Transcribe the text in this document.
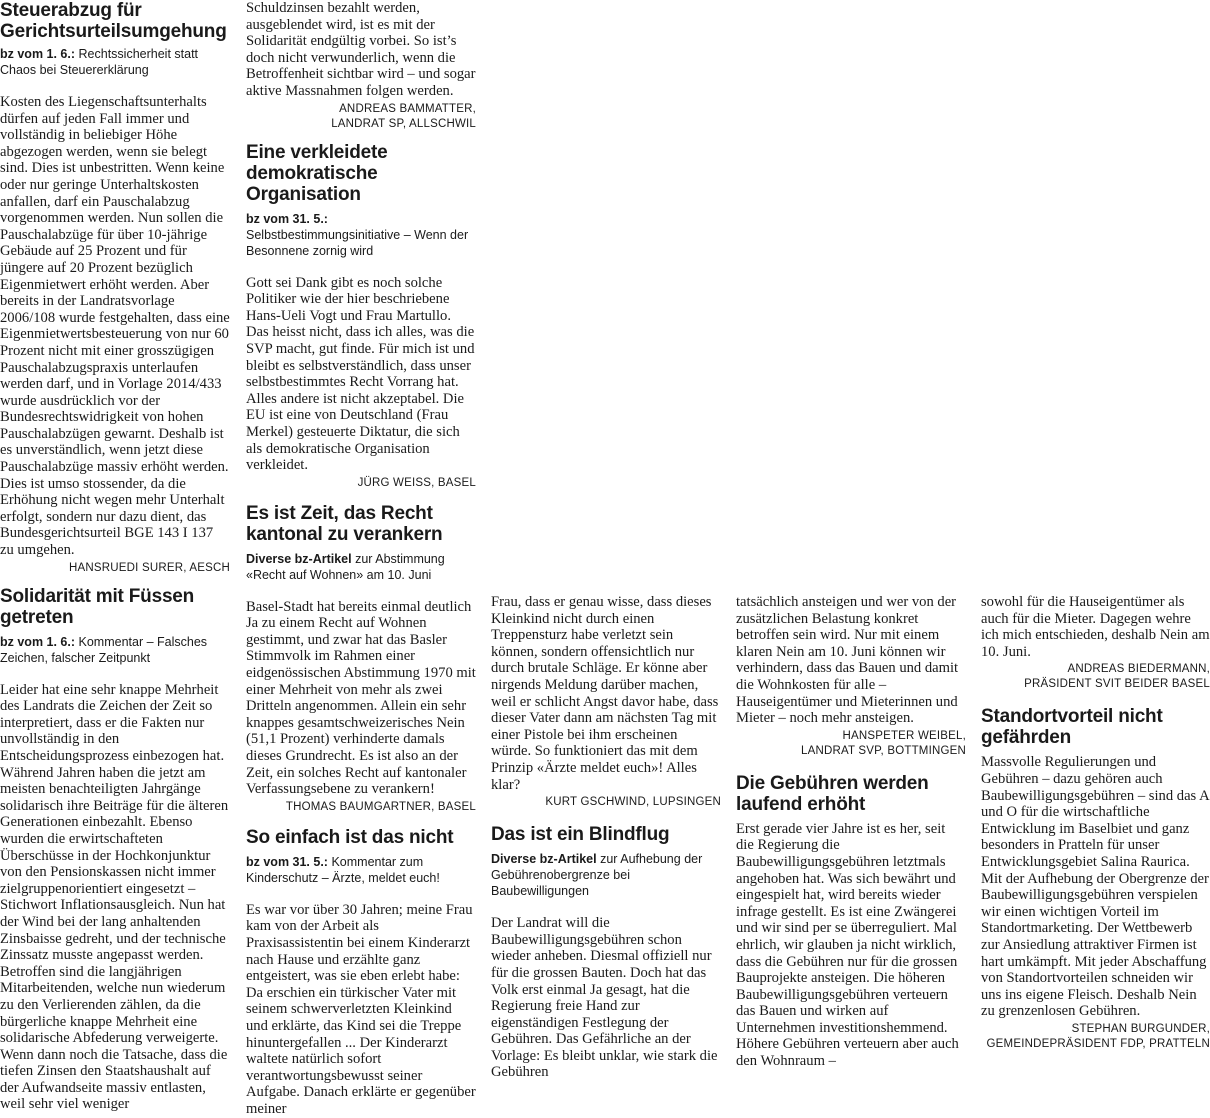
Steuerabzug für Gerichtsurteilsumgehung

bz vom 1. 6.: Rechtssicherheit statt Chaos bei Steuererklärung

Kosten des Liegenschaftsunterhalts dürfen auf jeden Fall immer und vollständig in beliebiger Höhe abgezogen werden, wenn sie belegt sind. Dies ist unbestritten. Wenn keine oder nur geringe Unterhaltskosten anfallen, darf ein Pauschalabzug vorgenommen werden. Nun sollen die Pauschalabzüge für über 10-jährige Gebäude auf 25 Prozent und für jüngere auf 20 Prozent bezüglich Eigenmietwert erhöht werden. Aber bereits in der Landratsvorlage 2006/108 wurde festgehalten, dass eine Eigenmietwertsbesteuerung von nur 60 Prozent nicht mit einer grosszügigen Pauschalabzugspraxis unterlaufen werden darf, und in Vorlage 2014/433 wurde ausdrücklich vor der Bundesrechtswidrigkeit von hohen Pauschalabzügen gewarnt. Deshalb ist es unverständlich, wenn jetzt diese Pauschalabzüge massiv erhöht werden. Dies ist umso stossender, da die Erhöhung nicht wegen mehr Unterhalt erfolgt, sondern nur dazu dient, das Bundesgerichtsurteil BGE 143 I 137 zu umgehen.

HANSRUEDI SURER, AESCH

Solidarität mit Füssen getreten

bz vom 1. 6.: Kommentar – Falsches Zeichen, falscher Zeitpunkt

Leider hat eine sehr knappe Mehrheit des Landrats die Zeichen der Zeit so interpretiert, dass er die Fakten nur unvollständig in den Entscheidungsprozess einbezogen hat. Während Jahren haben die jetzt am meisten benachteiligten Jahrgänge solidarisch ihre Beiträge für die älteren Generationen einbezahlt. Ebenso wurden die erwirtschafteten Überschüsse in der Hochkonjunktur von den Pensionskassen nicht immer zielgruppenorientiert eingesetzt – Stichwort Inflationsausgleich. Nun hat der Wind bei der lang anhaltenden Zinsbaisse gedreht, und der technische Zinssatz musste angepasst werden. Betroffen sind die langjährigen Mitarbeitenden, welche nun wiederum zu den Verlierenden zählen, da die bürgerliche knappe Mehrheit eine solidarische Abfederung verweigerte. Wenn dann noch die Tatsache, dass die tiefen Zinsen den Staatshaushalt auf der Aufwandseite massiv entlasten, weil sehr viel weniger

Schuldzinsen bezahlt werden, ausgeblendet wird, ist es mit der Solidarität endgültig vorbei. So ist’s doch nicht verwunderlich, wenn die Betroffenheit sichtbar wird – und sogar aktive Massnahmen folgen werden.

ANDREAS BAMMATTER,

LANDRAT SP, ALLSCHWIL

Eine verkleidete demokratische Organisation

bz vom 31. 5.: Selbstbestimmungsinitiative – Wenn der Besonnene zornig wird

Gott sei Dank gibt es noch solche Politiker wie der hier beschriebene Hans-Ueli Vogt und Frau Martullo. Das heisst nicht, dass ich alles, was die SVP macht, gut finde. Für mich ist und bleibt es selbstverständlich, dass unser selbstbestimmtes Recht Vorrang hat. Alles andere ist nicht akzeptabel. Die EU ist eine von Deutschland (Frau Merkel) gesteuerte Diktatur, die sich als demokratische Organisation verkleidet.

JÜRG WEISS, BASEL

Es ist Zeit, das Recht kantonal zu verankern

Diverse bz-Artikel zur Abstimmung «Recht auf Wohnen» am 10. Juni

Basel-Stadt hat bereits einmal deutlich Ja zu einem Recht auf Wohnen gestimmt, und zwar hat das Basler Stimmvolk im Rahmen einer eidgenössischen Abstimmung 1970 mit einer Mehrheit von mehr als zwei Dritteln angenommen. Allein ein sehr knappes gesamtschweizerisches Nein (51,1 Prozent) verhinderte damals dieses Grundrecht. Es ist also an der Zeit, ein solches Recht auf kantonaler Verfassungsebene zu verankern!

THOMAS BAUMGARTNER, BASEL

So einfach ist das nicht

bz vom 31. 5.: Kommentar zum Kinderschutz – Ärzte, meldet euch!

Es war vor über 30 Jahren; meine Frau kam von der Arbeit als Praxisassistentin bei einem Kinderarzt nach Hause und erzählte ganz entgeistert, was sie eben erlebt habe: Da erschien ein türkischer Vater mit seinem schwerverletzten Kleinkind und erklärte, das Kind sei die Treppe hinuntergefallen ... Der Kinderarzt waltete natürlich sofort verantwortungsbewusst seiner Aufgabe. Danach erklärte er gegenüber meiner

Frau, dass er genau wisse, dass dieses Kleinkind nicht durch einen Treppensturz habe verletzt sein können, sondern offensichtlich nur durch brutale Schläge. Er könne aber nirgends Meldung darüber machen, weil er schlicht Angst davor habe, dass dieser Vater dann am nächsten Tag mit einer Pistole bei ihm erscheinen würde. So funktioniert das mit dem Prinzip «Ärzte meldet euch»! Alles klar?

KURT GSCHWIND, LUPSINGEN

Das ist ein Blindflug

Diverse bz-Artikel zur Aufhebung der Gebührenobergrenze bei Baubewilligungen

Der Landrat will die Baubewilligungsgebühren schon wieder anheben. Diesmal offiziell nur für die grossen Bauten. Doch hat das Volk erst einmal Ja gesagt, hat die Regierung freie Hand zur eigenständigen Festlegung der Gebühren. Das Gefährliche an der Vorlage: Es bleibt unklar, wie stark die Gebühren

tatsächlich ansteigen und wer von der zusätzlichen Belastung konkret betroffen sein wird. Nur mit einem klaren Nein am 10. Juni können wir verhindern, dass das Bauen und damit die Wohnkosten für alle – Hauseigentümer und Mieterinnen und Mieter – noch mehr ansteigen.

HANSPETER WEIBEL,

LANDRAT SVP, BOTTMINGEN

Die Gebühren werden laufend erhöht

Erst gerade vier Jahre ist es her, seit die Regierung die Baubewilligungsgebühren letztmals angehoben hat. Was sich bewährt und eingespielt hat, wird bereits wieder infrage gestellt. Es ist eine Zwängerei und wir sind per se überreguliert. Mal ehrlich, wir glauben ja nicht wirklich, dass die Gebühren nur für die grossen Bauprojekte ansteigen. Die höheren Baubewilligungsgebühren verteuern das Bauen und wirken auf Unternehmen investitionshemmend. Höhere Gebühren verteuern aber auch den Wohnraum –

sowohl für die Hauseigentümer als auch für die Mieter. Dagegen wehre ich mich entschieden, deshalb Nein am 10. Juni.

ANDREAS BIEDERMANN,

PRÄSIDENT SVIT BEIDER BASEL

Standortvorteil nicht gefährden

Massvolle Regulierungen und Gebühren – dazu gehören auch Baubewilligungsgebühren – sind das A und O für die wirtschaftliche Entwicklung im Baselbiet und ganz besonders in Pratteln für unser Entwicklungsgebiet Salina Raurica. Mit der Aufhebung der Obergrenze der Baubewilligungsgebühren verspielen wir einen wichtigen Vorteil im Standortmarketing. Der Wettbewerb zur Ansiedlung attraktiver Firmen ist hart umkämpft. Mit jeder Abschaffung von Standortvorteilen schneiden wir uns ins eigene Fleisch. Deshalb Nein zu grenzenlosen Gebühren.

STEPHAN BURGUNDER,

GEMEINDEPRÄSIDENT FDP, PRATTELN
